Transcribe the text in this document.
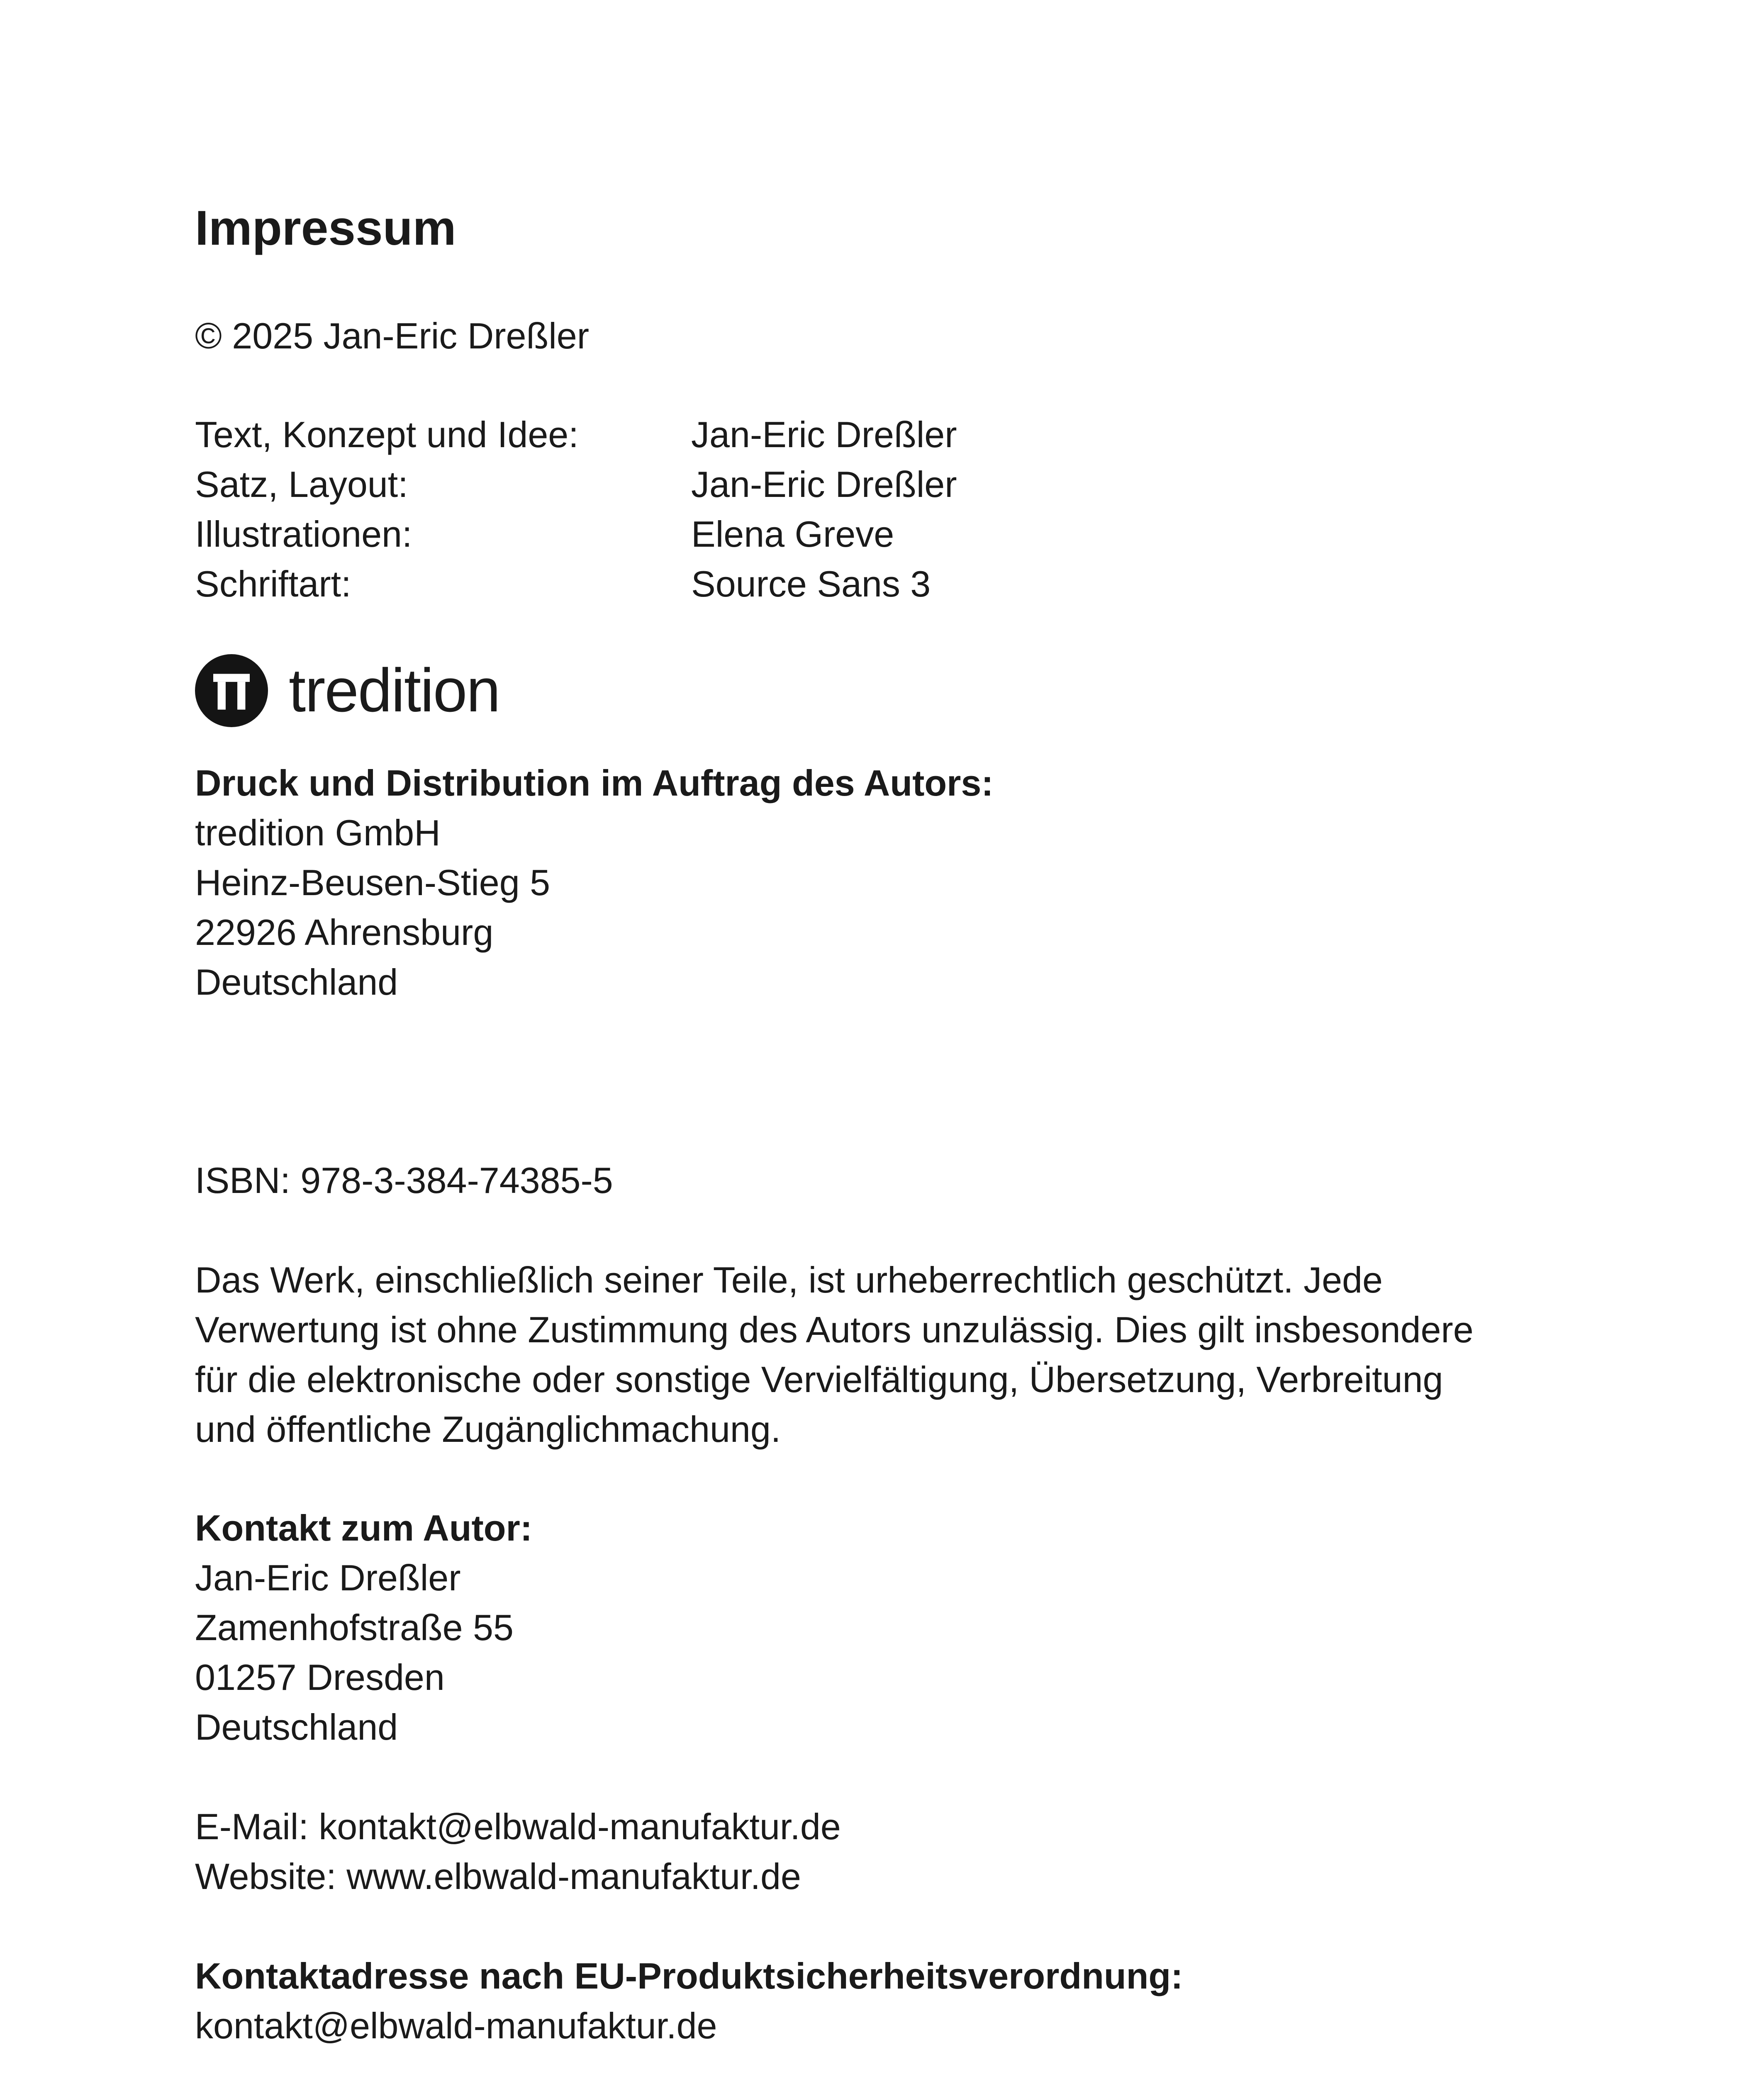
Impressum
© 2025 Jan-Eric Dreßler
Text, Konzept und Idee:	Jan-Eric Dreßler
Satz, Layout:	Jan-Eric Dreßler
Illustrationen:	Elena Greve
Schriftart:	Source Sans 3
tredition
Druck und Distribution im Auftrag des Autors:
tredition GmbH
Heinz-Beusen-Stieg 5
22926 Ahrensburg
Deutschland
ISBN: 978-3-384-74385-5
Das Werk, einschließlich seiner Teile, ist urheberrechtlich geschützt. Jede
Verwertung ist ohne Zustimmung des Autors unzulässig. Dies gilt insbesondere
für die elektronische oder sonstige Vervielfältigung, Übersetzung, Verbreitung
und öffentliche Zugänglichmachung.
Kontakt zum Autor:
Jan-Eric Dreßler
Zamenhofstraße 55
01257 Dresden
Deutschland
E-Mail: kontakt@elbwald-manufaktur.de
Website: www.elbwald-manufaktur.de
Kontaktadresse nach EU-Produktsicherheitsverordnung:
kontakt@elbwald-manufaktur.de
